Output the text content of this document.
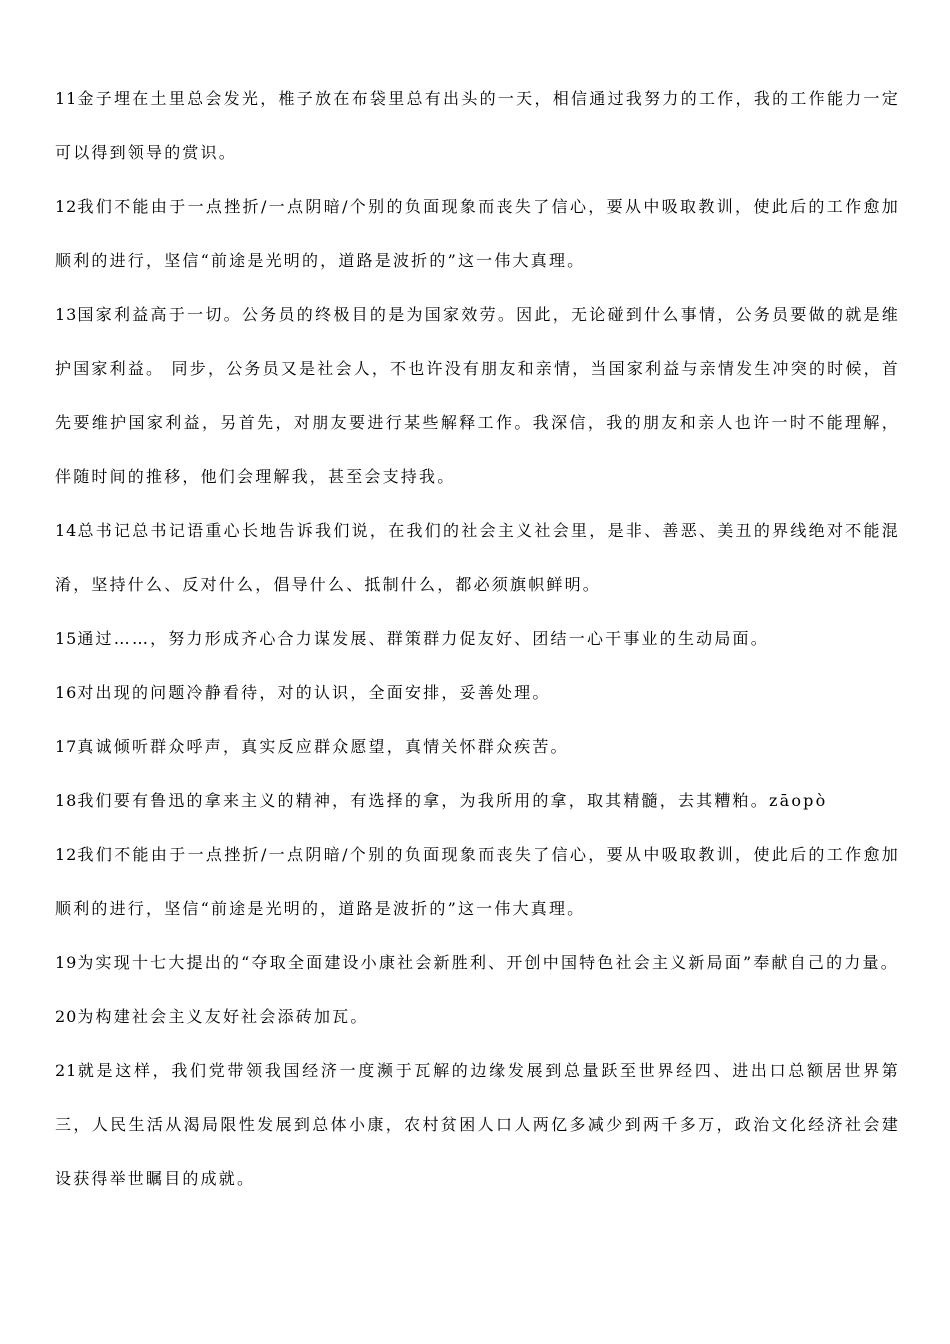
11金子埋在土里总会发光，椎子放在布袋里总有出头的一天，相信通过我努力的工作，我的工作能力一定可以得到领导的赏识。

12我们不能由于一点挫折/一点阴暗/个别的负面现象而丧失了信心，要从中吸取教训，使此后的工作愈加顺利的进行，坚信“前途是光明的，道路是波折的”这一伟大真理。

13国家利益高于一切。公务员的终极目的是为国家效劳。因此，无论碰到什么事情，公务员要做的就是维护国家利益。 同步，公务员又是社会人，不也许没有朋友和亲情，当国家利益与亲情发生冲突的时候，首先要维护国家利益，另首先，对朋友要进行某些解释工作。我深信，我的朋友和亲人也许一时不能理解，伴随时间的推移，他们会理解我，甚至会支持我。

14总书记总书记语重心长地告诉我们说，在我们的社会主义社会里，是非、善恶、美丑的界线绝对不能混淆，坚持什么、反对什么，倡导什么、抵制什么，都必须旗帜鲜明。

15通过……，努力形成齐心合力谋发展、群策群力促友好、团结一心干事业的生动局面。

16对出现的问题冷静看待，对的认识，全面安排，妥善处理。

17真诚倾听群众呼声，真实反应群众愿望，真情关怀群众疾苦。

18我们要有鲁迅的拿来主义的精神，有选择的拿，为我所用的拿，取其精髓，去其糟粕。zāopò

12我们不能由于一点挫折/一点阴暗/个别的负面现象而丧失了信心，要从中吸取教训，使此后的工作愈加顺利的进行，坚信“前途是光明的，道路是波折的”这一伟大真理。

19为实现十七大提出的“夺取全面建设小康社会新胜利、开创中国特色社会主义新局面”奉献自己的力量。

20为构建社会主义友好社会添砖加瓦。

21就是这样，我们党带领我国经济一度濒于瓦解的边缘发展到总量跃至世界经四、进出口总额居世界第三，人民生活从渴局限性发展到总体小康，农村贫困人口人两亿多减少到两千多万，政治文化经济社会建设获得举世瞩目的成就。
